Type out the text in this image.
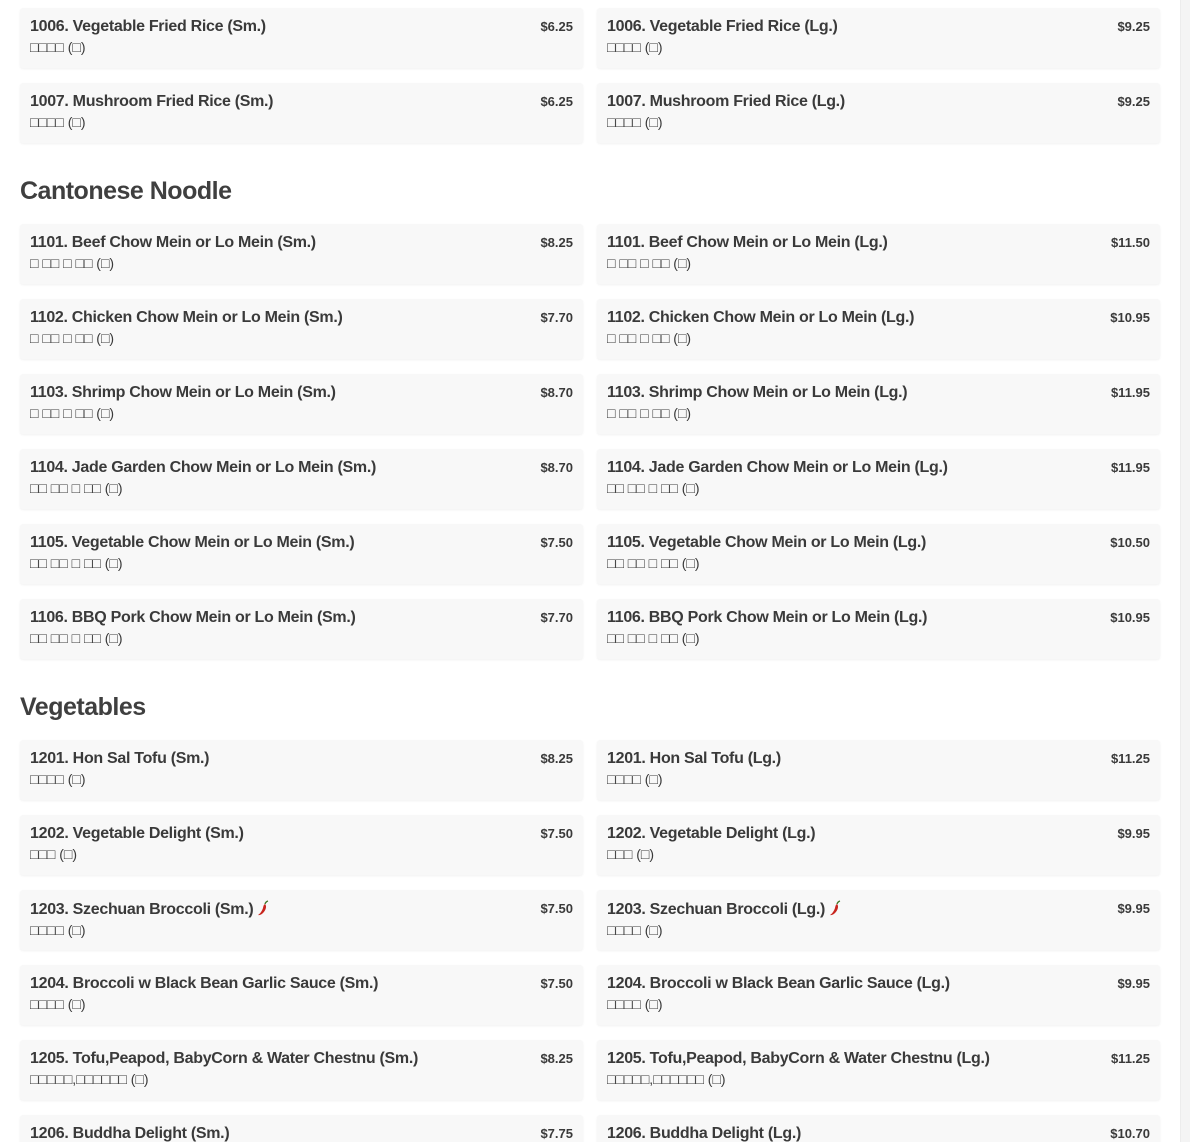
1006. Vegetable Fried Rice (Sm.)	$6.25
□□□□ (□)
1006. Vegetable Fried Rice (Lg.)	$9.25
□□□□ (□)
1007. Mushroom Fried Rice (Sm.)	$6.25
□□□□ (□)
1007. Mushroom Fried Rice (Lg.)	$9.25
□□□□ (□)
Cantonese Noodle
1101. Beef Chow Mein or Lo Mein (Sm.)	$8.25
□ □□ □ □□ (□)
1101. Beef Chow Mein or Lo Mein (Lg.)	$11.50
□ □□ □ □□ (□)
1102. Chicken Chow Mein or Lo Mein (Sm.)	$7.70
□ □□ □ □□ (□)
1102. Chicken Chow Mein or Lo Mein (Lg.)	$10.95
□ □□ □ □□ (□)
1103. Shrimp Chow Mein or Lo Mein (Sm.)	$8.70
□ □□ □ □□ (□)
1103. Shrimp Chow Mein or Lo Mein (Lg.)	$11.95
□ □□ □ □□ (□)
1104. Jade Garden Chow Mein or Lo Mein (Sm.)	$8.70
□□ □□ □ □□ (□)
1104. Jade Garden Chow Mein or Lo Mein (Lg.)	$11.95
□□ □□ □ □□ (□)
1105. Vegetable Chow Mein or Lo Mein (Sm.)	$7.50
□□ □□ □ □□ (□)
1105. Vegetable Chow Mein or Lo Mein (Lg.)	$10.50
□□ □□ □ □□ (□)
1106. BBQ Pork Chow Mein or Lo Mein (Sm.)	$7.70
□□ □□ □ □□ (□)
1106. BBQ Pork Chow Mein or Lo Mein (Lg.)	$10.95
□□ □□ □ □□ (□)
Vegetables
1201. Hon Sal Tofu (Sm.)	$8.25
□□□□ (□)
1201. Hon Sal Tofu (Lg.)	$11.25
□□□□ (□)
1202. Vegetable Delight (Sm.)	$7.50
□□□ (□)
1202. Vegetable Delight (Lg.)	$9.95
□□□ (□)
1203. Szechuan Broccoli (Sm.)	$7.50
□□□□ (□)
1203. Szechuan Broccoli (Lg.)	$9.95
□□□□ (□)
1204. Broccoli w Black Bean Garlic Sauce (Sm.)	$7.50
□□□□ (□)
1204. Broccoli w Black Bean Garlic Sauce (Lg.)	$9.95
□□□□ (□)
1205. Tofu,Peapod, BabyCorn & Water Chestnu (Sm.)	$8.25
□□□□□,□□□□□□ (□)
1205. Tofu,Peapod, BabyCorn & Water Chestnu (Lg.)	$11.25
□□□□□,□□□□□□ (□)
1206. Buddha Delight (Sm.)	$7.75	1206. Buddha Delight (Lg.)	$10.70
